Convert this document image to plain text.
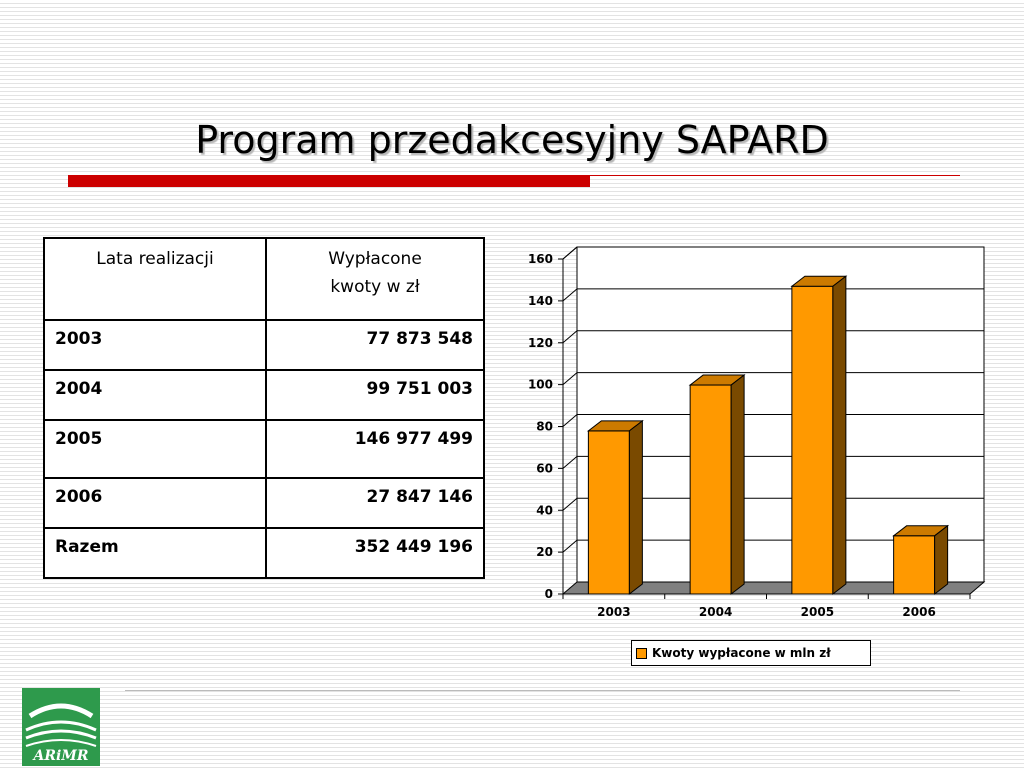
Program przedakcesyjny SAPARD
Lata realizacji	Wypłacone
kwoty w zł
2003	77 873 548
2004	99 751 003
2005	146 977 499
2006	27 847 146
Razem	352 449 196
0
20
40
60
80
100
120
140
160
2003	2004	2005	2006
Kwoty wypłacone w mln zł
ARiMR
